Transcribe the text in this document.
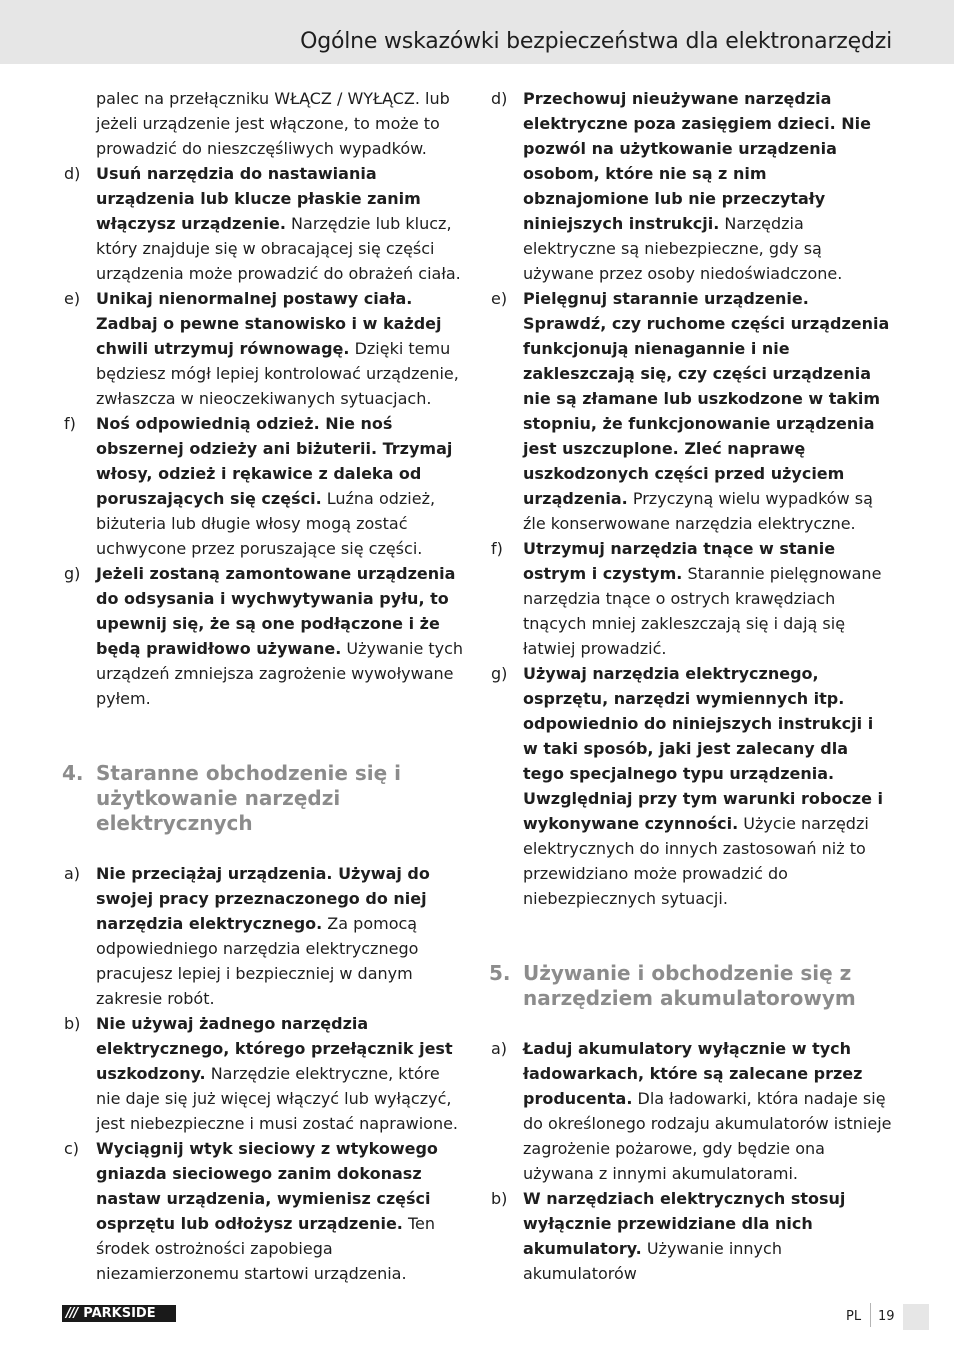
Ogólne wskazówki bezpieczeństwa dla elektronarzędzi
palec na przełączniku WŁĄCZ / WYŁĄCZ. lub jeżeli urządzenie jest włączone, to może to prowadzić do nieszczęśliwych wypadków.
d) Usuń narzędzia do nastawiania urządzenia lub klucze płaskie zanim włączysz urządzenie. Narzędzie lub klucz, który znajduje się w obracającej się części urządzenia może prowadzić do obrażeń ciała.
e) Unikaj nienormalnej postawy ciała. Zadbaj o pewne stanowisko i w każdej chwili utrzymuj równowagę. Dzięki temu będziesz mógł lepiej kontrolować urządzenie, zwłaszcza w nieoczekiwanych sytuacjach.
f) Noś odpowiednią odzież. Nie noś obszernej odzieży ani biżuterii. Trzymaj włosy, odzież i rękawice z daleka od poruszających się części. Luźna odzież, biżuteria lub długie włosy mogą zostać uchwycone przez poruszające się części.
g) Jeżeli zostaną zamontowane urządzenia do odsysania i wychwytywania pyłu, to upewnij się, że są one podłączone i że będą prawidłowo używane. Używanie tych urządzeń zmniejsza zagrożenie wywoływane pyłem.
4. Staranne obchodzenie się i użytkowanie narzędzi elektrycznych
a) Nie przeciążaj urządzenia. Używaj do swojej pracy przeznaczonego do niej narzędzia elektrycznego. Za pomocą odpowiedniego narzędzia elektrycznego pracujesz lepiej i bezpieczniej w danym zakresie robót.
b) Nie używaj żadnego narzędzia elektrycznego, którego przełącznik jest uszkodzony. Narzędzie elektryczne, które nie daje się już więcej włączyć lub wyłączyć, jest niebezpieczne i musi zostać naprawione.
c) Wyciągnij wtyk sieciowy z wtykowego gniazda sieciowego zanim dokonasz nastaw urządzenia, wymienisz części osprzętu lub odłożysz urządzenie. Ten środek ostrożności zapobiega niezamierzonemu startowi urządzenia.
d) Przechowuj nieużywane narzędzia elektryczne poza zasięgiem dzieci. Nie pozwól na użytkowanie urządzenia osobom, które nie są z nim obznajomione lub nie przeczytały niniejszych instrukcji. Narzędzia elektryczne są niebezpieczne, gdy są używane przez osoby niedoświadczone.
e) Pielęgnuj starannie urządzenie. Sprawdź, czy ruchome części urządzenia funkcjonują nienagannie i nie zakleszczają się, czy części urządzenia nie są złamane lub uszkodzone w takim stopniu, że funkcjonowanie urządzenia jest uszczuplone. Zleć naprawę uszkodzonych części przed użyciem urządzenia. Przyczyną wielu wypadków są źle konserwowane narzędzia elektryczne.
f) Utrzymuj narzędzia tnące w stanie ostrym i czystym. Starannie pielęgnowane narzędzia tnące o ostrych krawędziach tnących mniej zakleszczają się i dają się łatwiej prowadzić.
g) Używaj narzędzia elektrycznego, osprzętu, narzędzi wymiennych itp. odpowiednio do niniejszych instrukcji i w taki sposób, jaki jest zalecany dla tego specjalnego typu urządzenia. Uwzględniaj przy tym warunki robocze i wykonywane czynności. Użycie narzędzi elektrycznych do innych zastosowań niż to przewidziano może prowadzić do niebezpiecznych sytuacji.
5. Używanie i obchodzenie się z narzędziem akumulatorowym
a) Ładuj akumulatory wyłącznie w tych ładowarkach, które są zalecane przez producenta. Dla ładowarki, która nadaje się do określonego rodzaju akumulatorów istnieje zagrożenie pożarowe, gdy będzie ona używana z innymi akumulatorami.
b) W narzędziach elektrycznych stosuj wyłącznie przewidziane dla nich akumulatory. Używanie innych akumulatorów
/// PARKSIDE	PL 19
